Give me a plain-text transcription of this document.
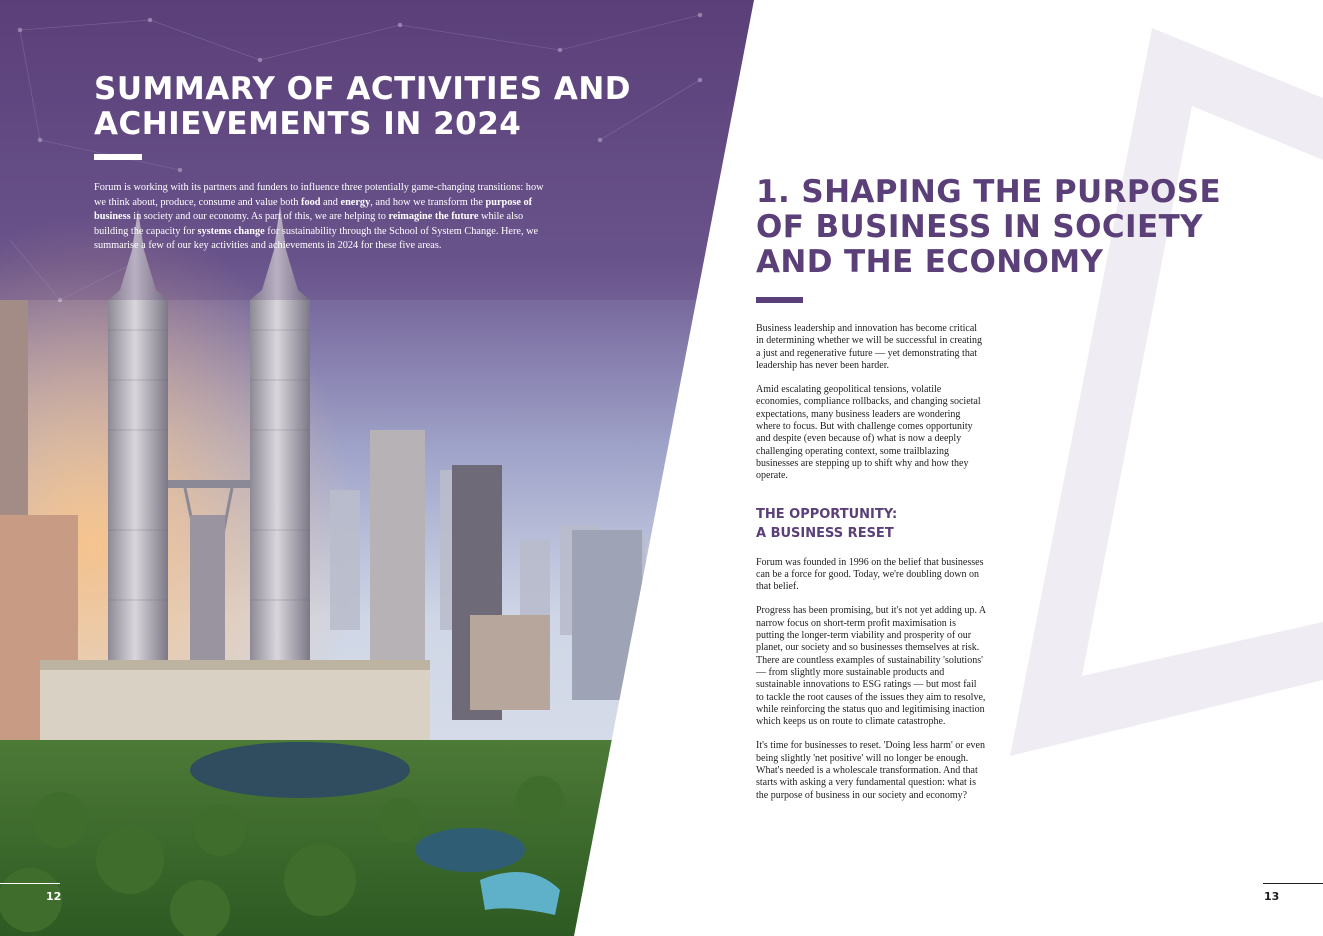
SUMMARY OF ACTIVITIES AND ACHIEVEMENTS IN 2024

Forum is working with its partners and funders to influence three potentially game-changing transitions: how we think about, produce, consume and value both food and energy, and how we transform the purpose of business in society and our economy. As part of this, we are helping to reimagine the future while also building the capacity for systems change for sustainability through the School of System Change. Here, we summarise a few of our key activities and achievements in 2024 for these five areas.

1. SHAPING THE PURPOSE OF BUSINESS IN SOCIETY AND THE ECONOMY

Business leadership and innovation has become critical in determining whether we will be successful in creating a just and regenerative future — yet demonstrating that leadership has never been harder.

Amid escalating geopolitical tensions, volatile economies, compliance rollbacks, and changing societal expectations, many business leaders are wondering where to focus. But with challenge comes opportunity and despite (even because of) what is now a deeply challenging operating context, some trailblazing businesses are stepping up to shift why and how they operate.

THE OPPORTUNITY:
A BUSINESS RESET

Forum was founded in 1996 on the belief that businesses can be a force for good. Today, we're doubling down on that belief.

Progress has been promising, but it's not yet adding up. A narrow focus on short-term profit maximisation is putting the longer-term viability and prosperity of our planet, our society and so businesses themselves at risk. There are countless examples of sustainability 'solutions' — from slightly more sustainable products and sustainable innovations to ESG ratings — but most fail to tackle the root causes of the issues they aim to resolve, while reinforcing the status quo and legitimising inaction which keeps us on route to climate catastrophe.

It's time for businesses to reset. 'Doing less harm' or even being slightly 'net positive' will no longer be enough. What's needed is a wholescale transformation. And that starts with asking a very fundamental question: what is the purpose of business in our society and economy?

12	13
